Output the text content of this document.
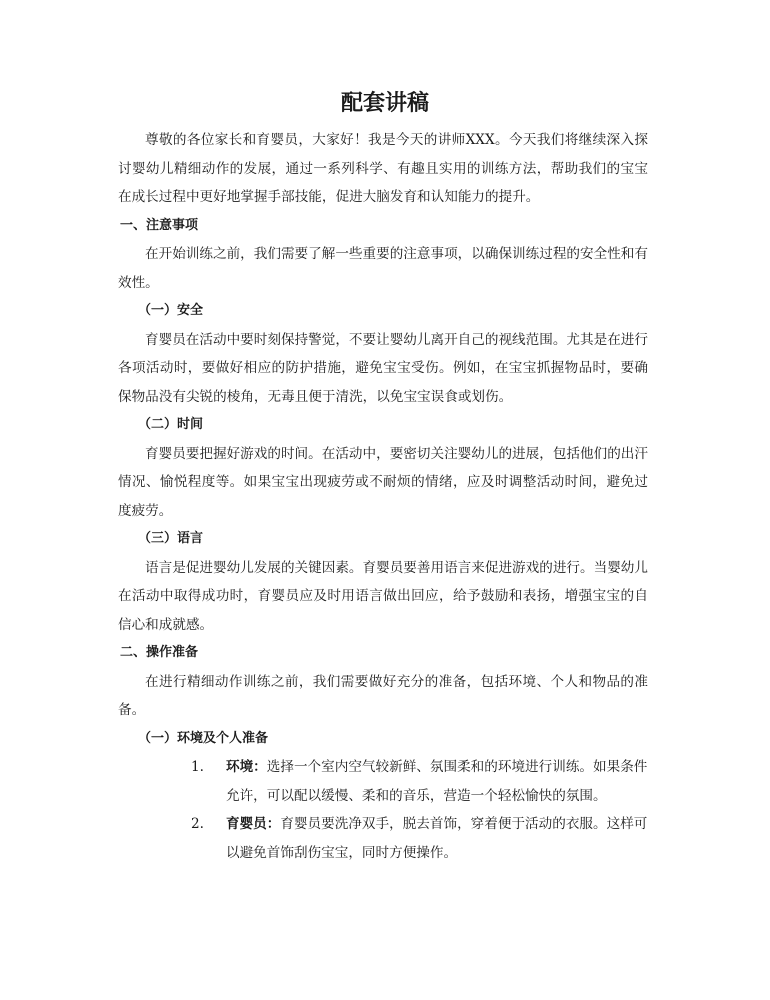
配套讲稿

尊敬的各位家长和育婴员，大家好！我是今天的讲师XXX。今天我们将继续深入探讨婴幼儿精细动作的发展，通过一系列科学、有趣且实用的训练方法，帮助我们的宝宝在成长过程中更好地掌握手部技能，促进大脑发育和认知能力的提升。

一、注意事项

在开始训练之前，我们需要了解一些重要的注意事项，以确保训练过程的安全性和有效性。

（一）安全

育婴员在活动中要时刻保持警觉，不要让婴幼儿离开自己的视线范围。尤其是在进行各项活动时，要做好相应的防护措施，避免宝宝受伤。例如，在宝宝抓握物品时，要确保物品没有尖锐的棱角，无毒且便于清洗，以免宝宝误食或划伤。

（二）时间

育婴员要把握好游戏的时间。在活动中，要密切关注婴幼儿的进展，包括他们的出汗情况、愉悦程度等。如果宝宝出现疲劳或不耐烦的情绪，应及时调整活动时间，避免过度疲劳。

（三）语言

语言是促进婴幼儿发展的关键因素。育婴员要善用语言来促进游戏的进行。当婴幼儿在活动中取得成功时，育婴员应及时用语言做出回应，给予鼓励和表扬，增强宝宝的自信心和成就感。

二、操作准备

在进行精细动作训练之前，我们需要做好充分的准备，包括环境、个人和物品的准备。

（一）环境及个人准备

1.	环境：选择一个室内空气较新鲜、氛围柔和的环境进行训练。如果条件允许，可以配以缓慢、柔和的音乐，营造一个轻松愉快的氛围。
2.	育婴员：育婴员要洗净双手，脱去首饰，穿着便于活动的衣服。这样可以避免首饰刮伤宝宝，同时方便操作。
